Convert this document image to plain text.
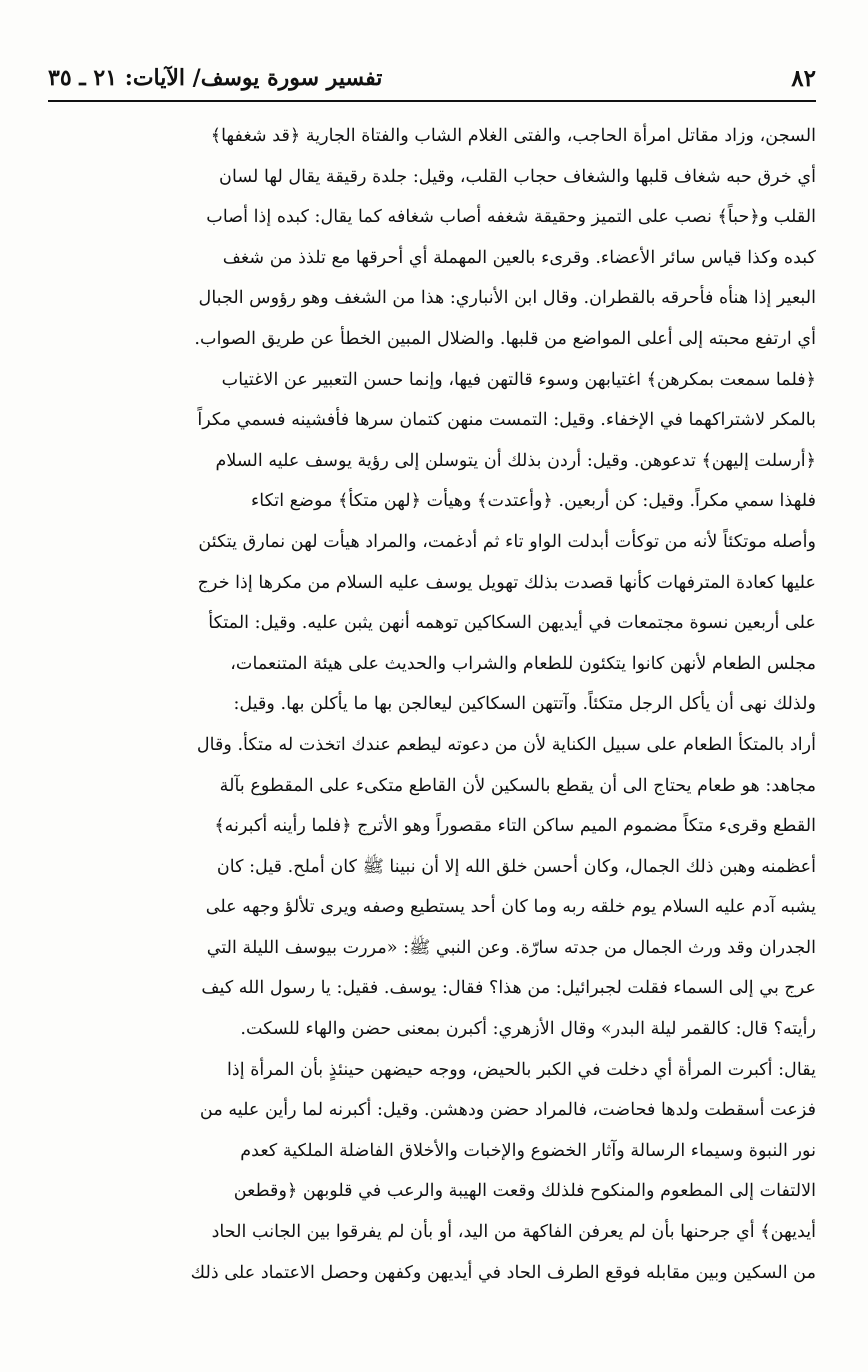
٨٢
تفسير سورة يوسف/ الآيات: ٢١ ـ ٣٥
السجن، وزاد مقاتل امرأة الحاجب، والفتى الغلام الشاب والفتاة الجارية ﴿قد شغفها﴾
أي خرق حبه شغاف قلبها والشغاف حجاب القلب، وقيل: جلدة رقيقة يقال لها لسان
القلب و﴿حباً﴾ نصب على التميز وحقيقة شغفه أصاب شغافه كما يقال: كبده إذا أصاب
كبده وكذا قياس سائر الأعضاء. وقرىء بالعين المهملة أي أحرقها مع تلذذ من شغف
البعير إذا هنأه فأحرقه بالقطران. وقال ابن الأنباري: هذا من الشغف وهو رؤوس الجبال
أي ارتفع محبته إلى أعلى المواضع من قلبها. والضلال المبين الخطأ عن طريق الصواب.
﴿فلما سمعت بمكرهن﴾ اغتيابهن وسوء قالتهن فيها، وإنما حسن التعبير عن الاغتياب
بالمكر لاشتراكهما في الإخفاء. وقيل: التمست منهن كتمان سرها فأفشينه فسمي مكراً
﴿أرسلت إليهن﴾ تدعوهن. وقيل: أردن بذلك أن يتوسلن إلى رؤية يوسف عليه السلام
فلهذا سمي مكراً. وقيل: كن أربعين. ﴿وأعتدت﴾ وهيأت ﴿لهن متكأ﴾ موضع اتكاء
وأصله موتكئاً لأنه من توكأت أبدلت الواو تاء ثم أدغمت، والمراد هيأت لهن نمارق يتكئن
عليها كعادة المترفهات كأنها قصدت بذلك تهويل يوسف عليه السلام من مكرها إذا خرج
على أربعين نسوة مجتمعات في أيديهن السكاكين توهمه أنهن يثبن عليه. وقيل: المتكأ
مجلس الطعام لأنهن كانوا يتكئون للطعام والشراب والحديث على هيئة المتنعمات،
ولذلك نهى أن يأكل الرجل متكئاً. وآتتهن السكاكين ليعالجن بها ما يأكلن بها. وقيل:
أراد بالمتكأ الطعام على سبيل الكناية لأن من دعوته ليطعم عندك اتخذت له متكأ. وقال
مجاهد: هو طعام يحتاج الى أن يقطع بالسكين لأن القاطع متكىء على المقطوع بآلة
القطع وقرىء متكاً مضموم الميم ساكن التاء مقصوراً وهو الأترج ﴿فلما رأينه أكبرنه﴾
أعظمنه وهبن ذلك الجمال، وكان أحسن خلق الله إلا أن نبينا ﷺ كان أملح. قيل: كان
يشبه آدم عليه السلام يوم خلقه ربه وما كان أحد يستطيع وصفه ويرى تلألؤ وجهه على
الجدران وقد ورث الجمال من جدته سارّة. وعن النبي ﷺ: «مررت بيوسف الليلة التي
عرج بي إلى السماء فقلت لجبرائيل: من هذا؟ فقال: يوسف. فقيل: يا رسول الله كيف
رأيته؟ قال: كالقمر ليلة البدر» وقال الأزهري: أكبرن بمعنى حضن والهاء للسكت.
يقال: أكبرت المرأة أي دخلت في الكبر بالحيض، ووجه حيضهن حينئذٍ بأن المرأة إذا
فزعت أسقطت ولدها فحاضت، فالمراد حضن ودهشن. وقيل: أكبرنه لما رأين عليه من
نور النبوة وسيماء الرسالة وآثار الخضوع والإخبات والأخلاق الفاضلة الملكية كعدم
الالتفات إلى المطعوم والمنكوح فلذلك وقعت الهيبة والرعب في قلوبهن ﴿وقطعن
أيديهن﴾ أي جرحنها بأن لم يعرفن الفاكهة من اليد، أو بأن لم يفرقوا بين الجانب الحاد
من السكين وبين مقابله فوقع الطرف الحاد في أيديهن وكفهن وحصل الاعتماد على ذلك
